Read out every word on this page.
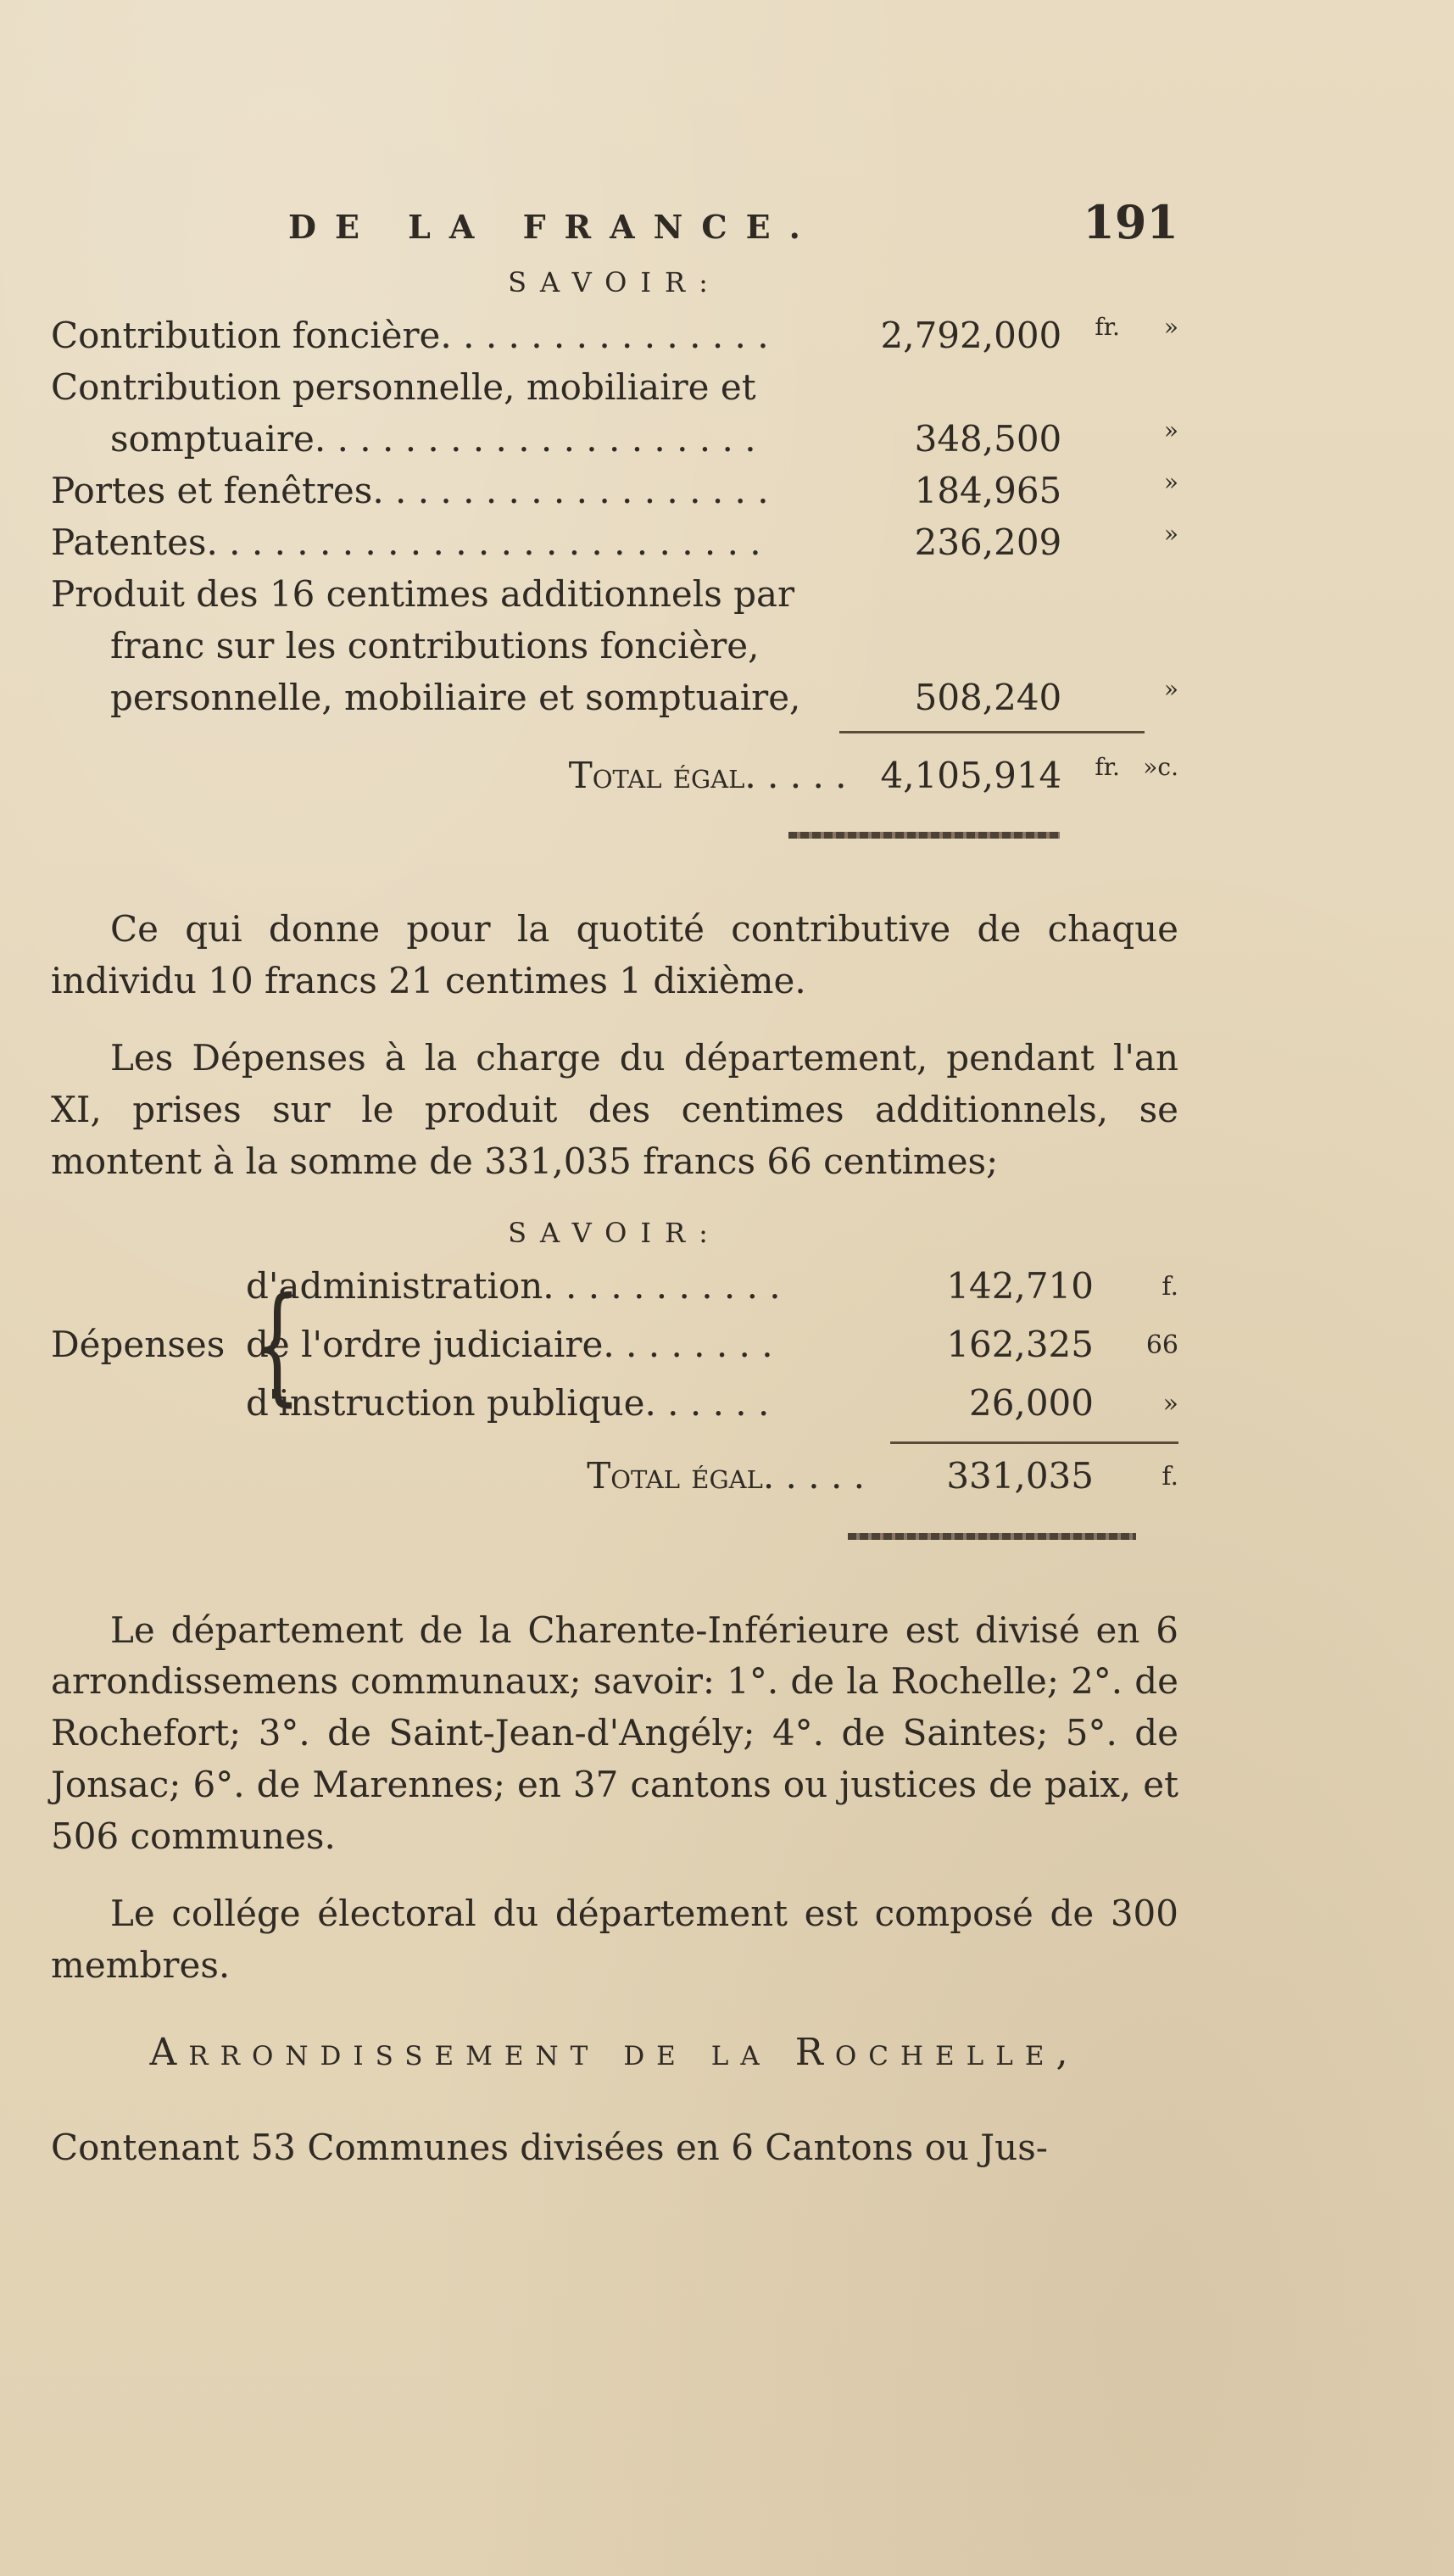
DE LA FRANCE.	191
SAVOIR:
Contribution foncière. . . . . . . . . . . . . . .	2,792,000	fr.	»
Contribution personnelle, mobiliaire et			
somptuaire. . . . . . . . . . . . . . . . . . . .	348,500		»
Portes et fenêtres. . . . . . . . . . . . . . . . . .	184,965		»
Patentes. . . . . . . . . . . . . . . . . . . . . . . . .	236,209		»
Produit des 16 centimes additionnels par			
franc sur les contributions foncière,			
personnelle, mobiliaire et somptuaire,	508,240		»

Total égal. . . . .	4,105,914	fr.	»c.

Ce qui donne pour la quotité contributive de chaque individu 10 francs 21 centimes 1 dixième.

Les Dépenses à la charge du département, pendant l'an XI, prises sur le produit des centimes additionnels, se montent à la somme de 331,035 francs 66 centimes;

SAVOIR:
Dépenses {
d'administration. . . . . . . . . . .	142,710	f.
de l'ordre judiciaire. . . . . . . .	162,325	66
d'instruction publique. . . . . .	26,000	»
Total égal. . . . .	331,035	f.

Le département de la Charente-Inférieure est divisé en 6 arrondissemens communaux; savoir: 1°. de la Rochelle; 2°. de Rochefort; 3°. de Saint-Jean-d'Angély; 4°. de Saintes; 5°. de Jonsac; 6°. de Marennes; en 37 cantons ou justices de paix, et 506 communes.

Le collége électoral du département est composé de 300 membres.

Arrondissement de la Rochelle,

Contenant 53 Communes divisées en 6 Cantons ou Jus-
